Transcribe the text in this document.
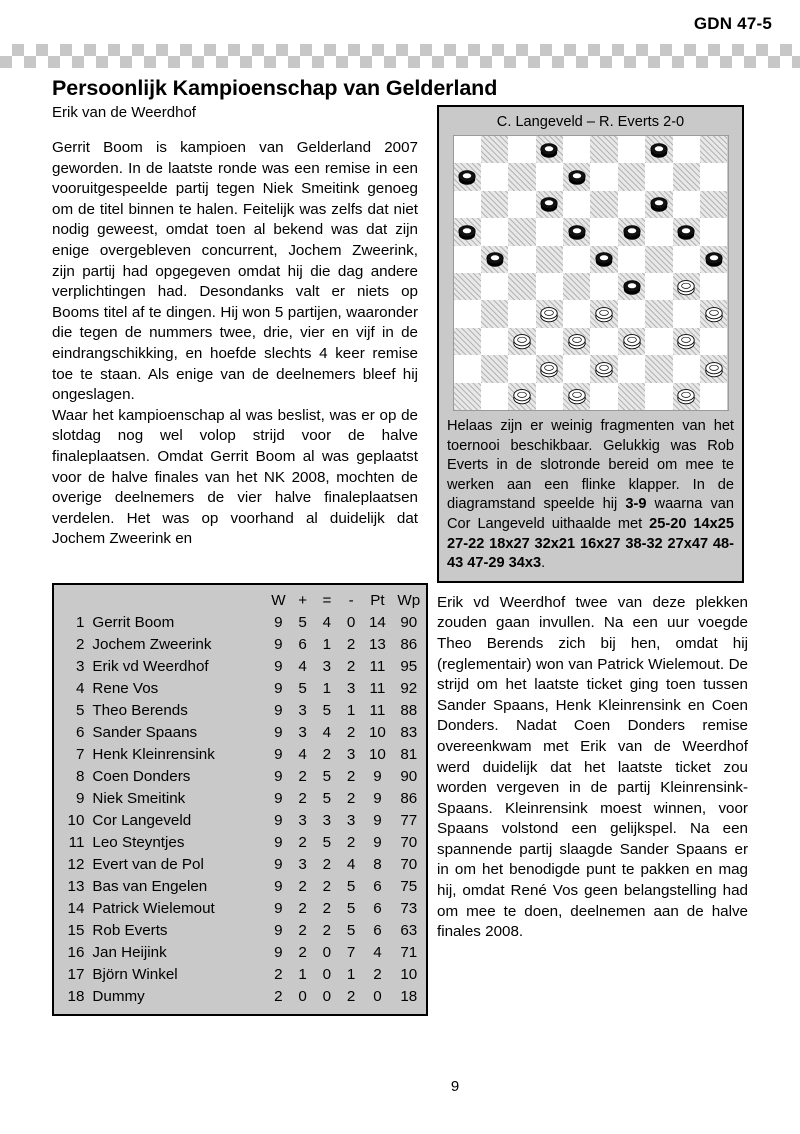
GDN 47-5
Persoonlijk Kampioenschap van Gelderland
Erik van de Weerdhof

Gerrit Boom is kampioen van Gelderland 2007 geworden. In de laatste ronde was een remise in een vooruitgespeelde partij tegen Niek Smeitink genoeg om de titel binnen te halen. Feitelijk was zelfs dat niet nodig geweest, omdat toen al bekend was dat zijn enige overgebleven concurrent, Jochem Zweerink, zijn partij had opgegeven omdat hij die dag andere verplichtingen had. Desondanks valt er niets op Booms titel af te dingen. Hij won 5 partijen, waaronder die tegen de nummers twee, drie, vier en vijf in de eindrangschikking, en hoefde slechts 4 keer remise toe te staan. Als enige van de deelnemers bleef hij ongeslagen.

Waar het kampioenschap al was beslist, was er op de slotdag nog wel volop strijd voor de halve finaleplaatsen. Omdat Gerrit Boom al was geplaatst voor de halve finales van het NK 2008, mochten de overige deelnemers de vier halve finaleplaatsen verdelen. Het was op voorhand al duidelijk dat Jochem Zweerink en

C. Langeveld – R. Everts 2-0
Helaas zijn er weinig fragmenten van het toernooi beschikbaar. Gelukkig was Rob Everts in de slotronde bereid om mee te werken aan een flinke klapper. In de diagramstand speelde hij 3-9 waarna van Cor Langeveld uithaalde met 25-20 14x25 27-22 18x27 32x21 16x27 38-32 27x47 48-43 47-29 34x3.

Erik vd Weerdhof twee van deze plekken zouden gaan invullen. Na een uur voegde Theo Berends zich bij hen, omdat hij (reglementair) won van Patrick Wielemout. De strijd om het laatste ticket ging toen tussen Sander Spaans, Henk Kleinrensink en Coen Donders. Nadat Coen Donders remise overeenkwam met Erik van de Weerdhof werd duidelijk dat het laatste ticket zou worden vergeven in de partij Kleinrensink-Spaans. Kleinrensink moest winnen, voor Spaans volstond een gelijkspel. Na een spannende partij slaagde Sander Spaans er in om het benodigde punt te pakken en mag hij, omdat René Vos geen belangstelling had om mee te doen, deelnemen aan de halve finales 2008.

		W	+	=	-	Pt	Wp
1	Gerrit Boom	9	5	4	0	14	90
2	Jochem Zweerink	9	6	1	2	13	86
3	Erik vd Weerdhof	9	4	3	2	11	95
4	Rene Vos	9	5	1	3	11	92
5	Theo Berends	9	3	5	1	11	88
6	Sander Spaans	9	3	4	2	10	83
7	Henk Kleinrensink	9	4	2	3	10	81
8	Coen Donders	9	2	5	2	9	90
9	Niek Smeitink	9	2	5	2	9	86
10	Cor Langeveld	9	3	3	3	9	77
11	Leo Steyntjes	9	2	5	2	9	70
12	Evert van de Pol	9	3	2	4	8	70
13	Bas van Engelen	9	2	2	5	6	75
14	Patrick Wielemout	9	2	2	5	6	73
15	Rob Everts	9	2	2	5	6	63
16	Jan Heijink	9	2	0	7	4	71
17	Björn Winkel	2	1	0	1	2	10
18	Dummy	2	0	0	2	0	18
9
